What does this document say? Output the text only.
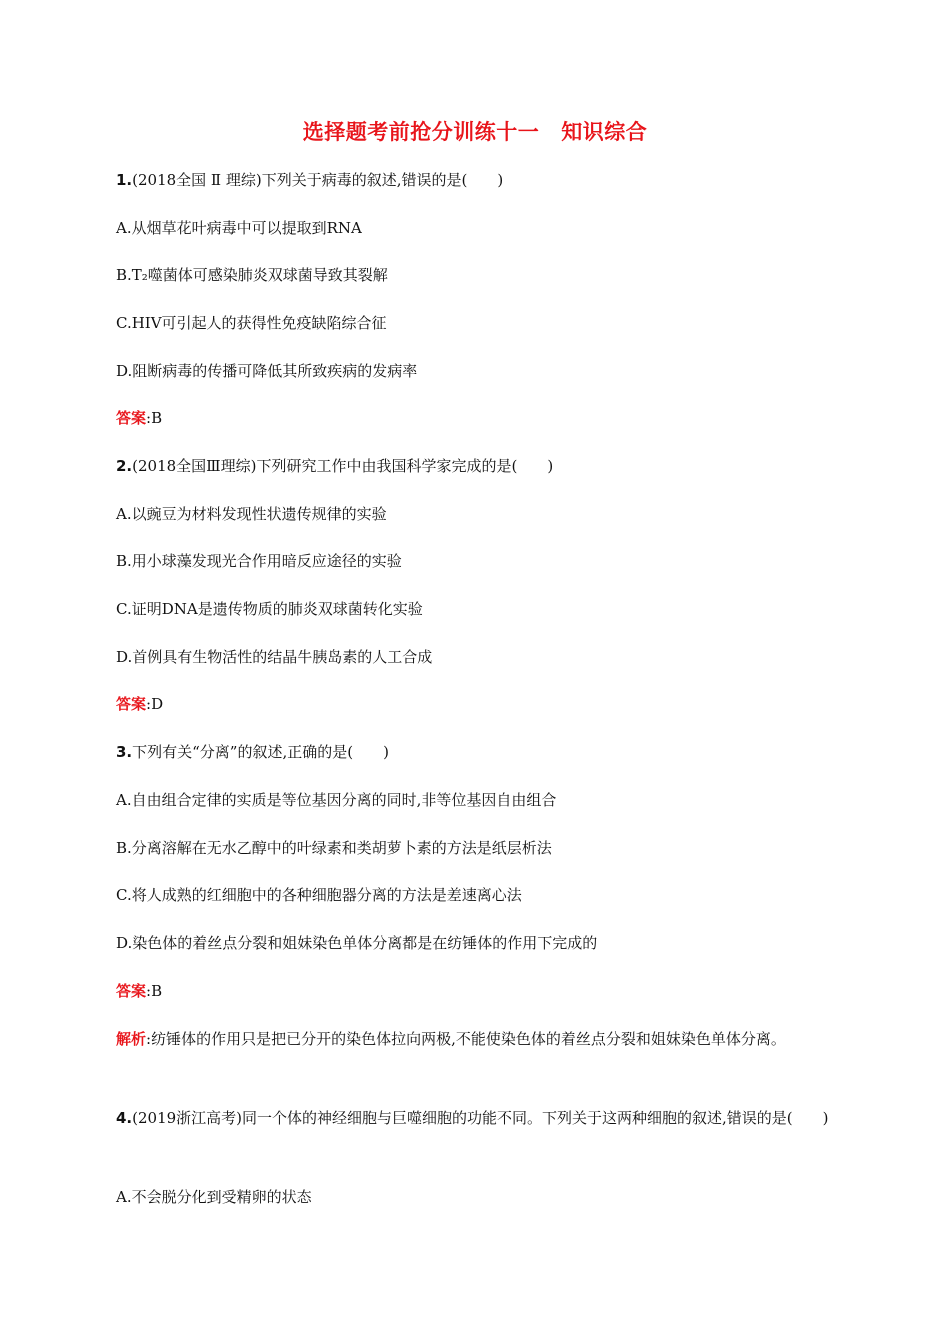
选择题考前抢分训练十一 知识综合
1.(2018全国 Ⅱ 理综)下列关于病毒的叙述,错误的是(　　)
A.从烟草花叶病毒中可以提取到RNA
B.T₂噬菌体可感染肺炎双球菌导致其裂解
C.HIV可引起人的获得性免疫缺陷综合征
D.阻断病毒的传播可降低其所致疾病的发病率
答案:B
2.(2018全国Ⅲ理综)下列研究工作中由我国科学家完成的是(　　)
A.以豌豆为材料发现性状遗传规律的实验
B.用小球藻发现光合作用暗反应途径的实验
C.证明DNA是遗传物质的肺炎双球菌转化实验
D.首例具有生物活性的结晶牛胰岛素的人工合成
答案:D
3.下列有关“分离”的叙述,正确的是(　　)
A.自由组合定律的实质是等位基因分离的同时,非等位基因自由组合
B.分离溶解在无水乙醇中的叶绿素和类胡萝卜素的方法是纸层析法
C.将人成熟的红细胞中的各种细胞器分离的方法是差速离心法
D.染色体的着丝点分裂和姐妹染色单体分离都是在纺锤体的作用下完成的
答案:B
解析:纺锤体的作用只是把已分开的染色体拉向两极,不能使染色体的着丝点分裂和姐妹染色单体分离。
4.(2019浙江高考)同一个体的神经细胞与巨噬细胞的功能不同。下列关于这两种细胞的叙述,错误的是(　　)
A.不会脱分化到受精卵的状态
